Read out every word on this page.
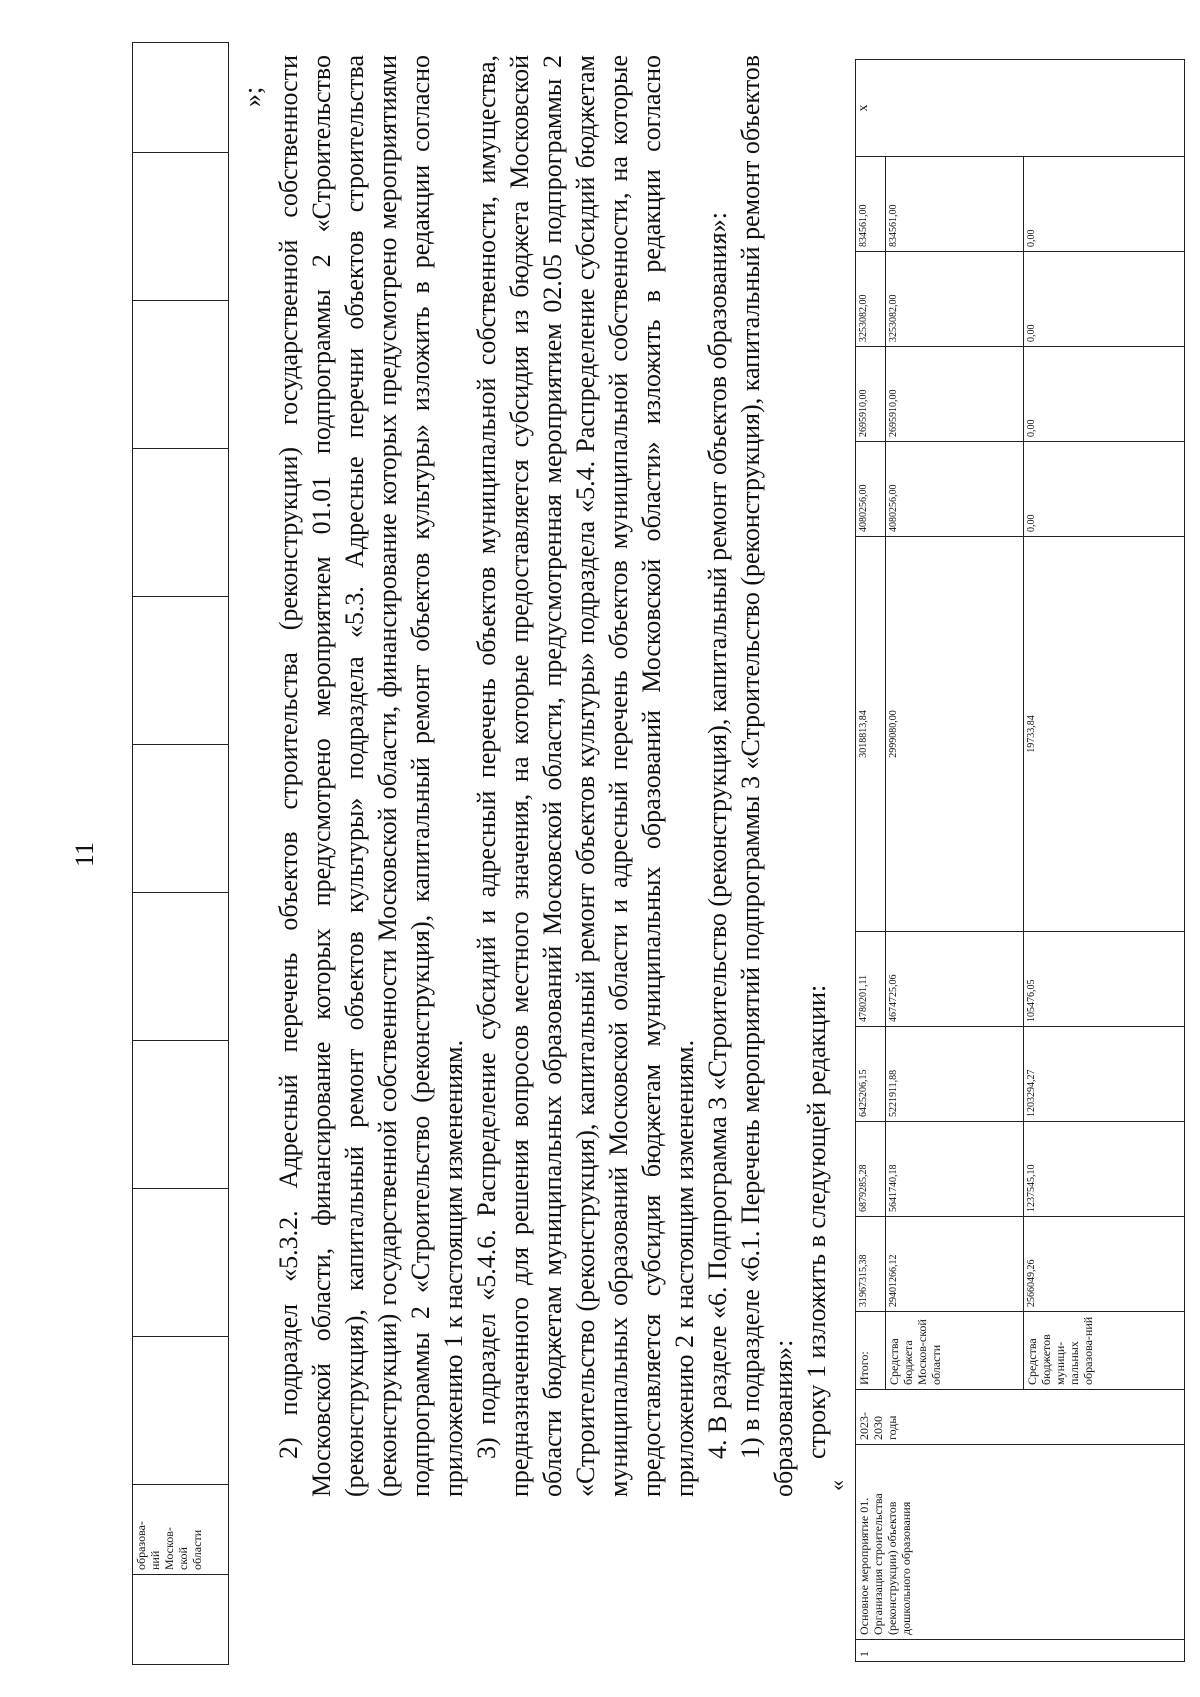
11
	образова-
ний
Москов-
ской
области										
»; 2) подраздел «5.3.2. Адресный перечень объектов строительства (реконструкции) государственной собственности Московской области, финансирование которых предусмотрено мероприятием 01.01 подпрограммы 2 «Строительство (реконструкция), капитальный ремонт объектов культуры» подраздела «5.3. Адресные перечни объектов строительства (реконструкции) государственной собственности Московской области, финансирование которых предусмотрено мероприятиями подпрограммы 2 «Строительство (реконструкция), капитальный ремонт объектов культуры» изложить в редакции согласно приложению 1 к настоящим изменениям. 3) подраздел «5.4.6. Распределение субсидий и адресный перечень объектов муниципальной собственности, имущества, предназначенного для решения вопросов местного значения, на которые предоставляется субсидия из бюджета Московской области бюджетам муниципальных образований Московской области, предусмотренная мероприятием 02.05 подпрограммы 2 «Строительство (реконструкция), капитальный ремонт объектов культуры» подраздела «5.4. Распределение субсидий бюджетам муниципальных образований Московской области и адресный перечень объектов муниципальной собственности, на которые предоставляется субсидия бюджетам муниципальных образований Московской области» изложить в редакции согласно приложению 2 к настоящим изменениям. 4. В разделе «6. Подпрограмма 3 «Строительство (реконструкция), капитальный ремонт объектов образования»: 1) в подразделе «6.1. Перечень мероприятий подпрограммы 3 «Строительство (реконструкция), капитальный ремонт объектов образования»: строку 1 изложить в следующей редакции:

«
1	Основное мероприятие 01. Организация строительства (реконструкции) объектов дошкольного образования	2023-2030 годы	Итого:	31967315,38	6879285,28	6425206,15	4780201,11	3018813,84	4080256,00	2695910,00	3253082,00	834561,00	х
			Средства бюджета Москов-ской области	29401266,12	5641740,18	5221911,88	4674725,06	2999080,00	4080256,00	2695910,00	3253082,00	834561,00	
			Средства бюджетов муници-пальных образова-ний	2566049,26	1237545,10	1203294,27	105476,05	19733,84	0,00	0,00	0,00	0,00	
